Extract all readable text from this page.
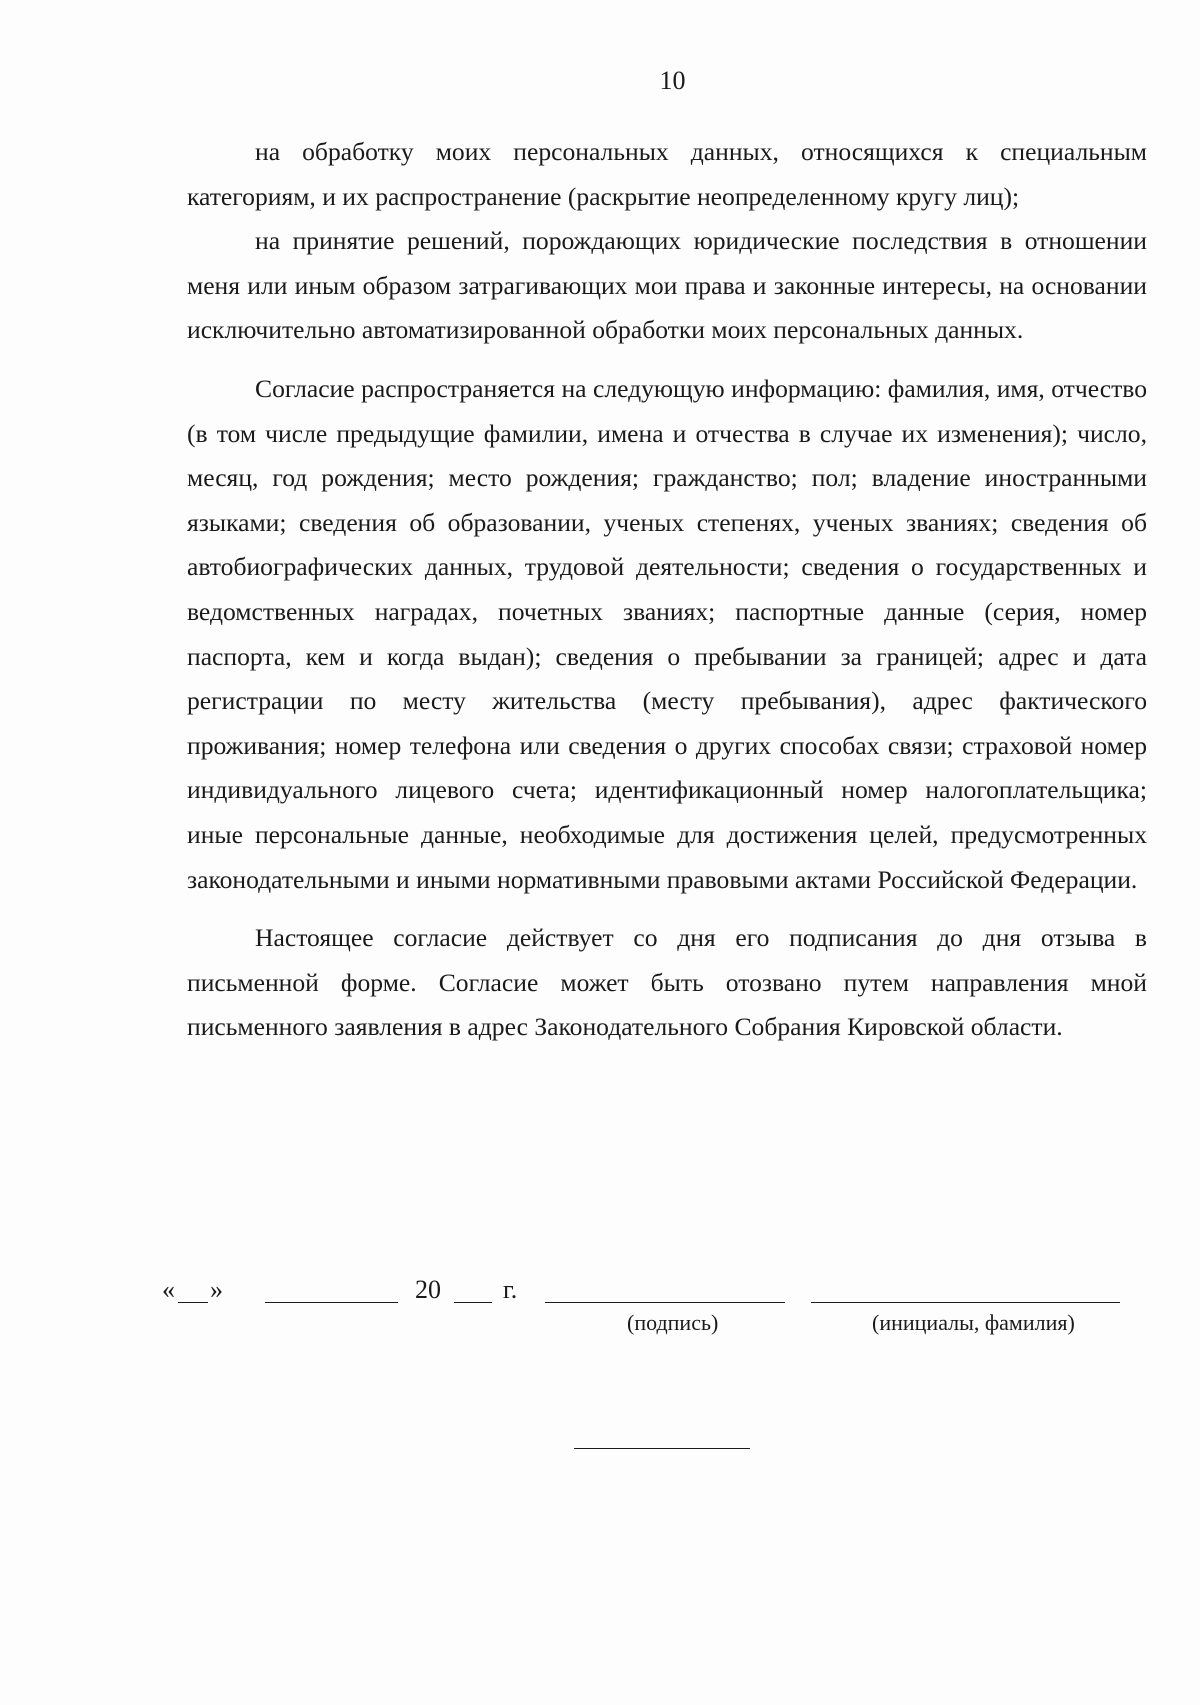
10

на обработку моих персональных данных, относящихся к специальным категориям, и их распространение (раскрытие неопределенному кругу лиц);

на принятие решений, порождающих юридические последствия в отношении меня или иным образом затрагивающих мои права и законные интересы, на основании исключительно автоматизированной обработки моих персональных данных.

Согласие распространяется на следующую информацию: фамилия, имя, отчество (в том числе предыдущие фамилии, имена и отчества в случае их изменения); число, месяц, год рождения; место рождения; гражданство; пол; владение иностранными языками; сведения об образовании, ученых степенях, ученых званиях; сведения об автобиографических данных, трудовой деятельности; сведения о государственных и ведомственных наградах, почетных званиях; паспортные данные (серия, номер паспорта, кем и когда выдан); сведения о пребывании за границей; адрес и дата регистрации по месту жительства (месту пребывания), адрес фактического проживания; номер телефона или сведения о других способах связи; страховой номер индивидуального лицевого счета; идентификационный номер налогоплательщика; иные персональные данные, необходимые для достижения целей, предусмотренных законодательными и иными нормативными правовыми актами Российской Федерации.

Настоящее согласие действует со дня его подписания до дня отзыва в письменной форме. Согласие может быть отозвано путем направления мной письменного заявления в адрес Законодательного Собрания Кировской области.

« »	20 г.
(подпись)	(инициалы, фамилия)
